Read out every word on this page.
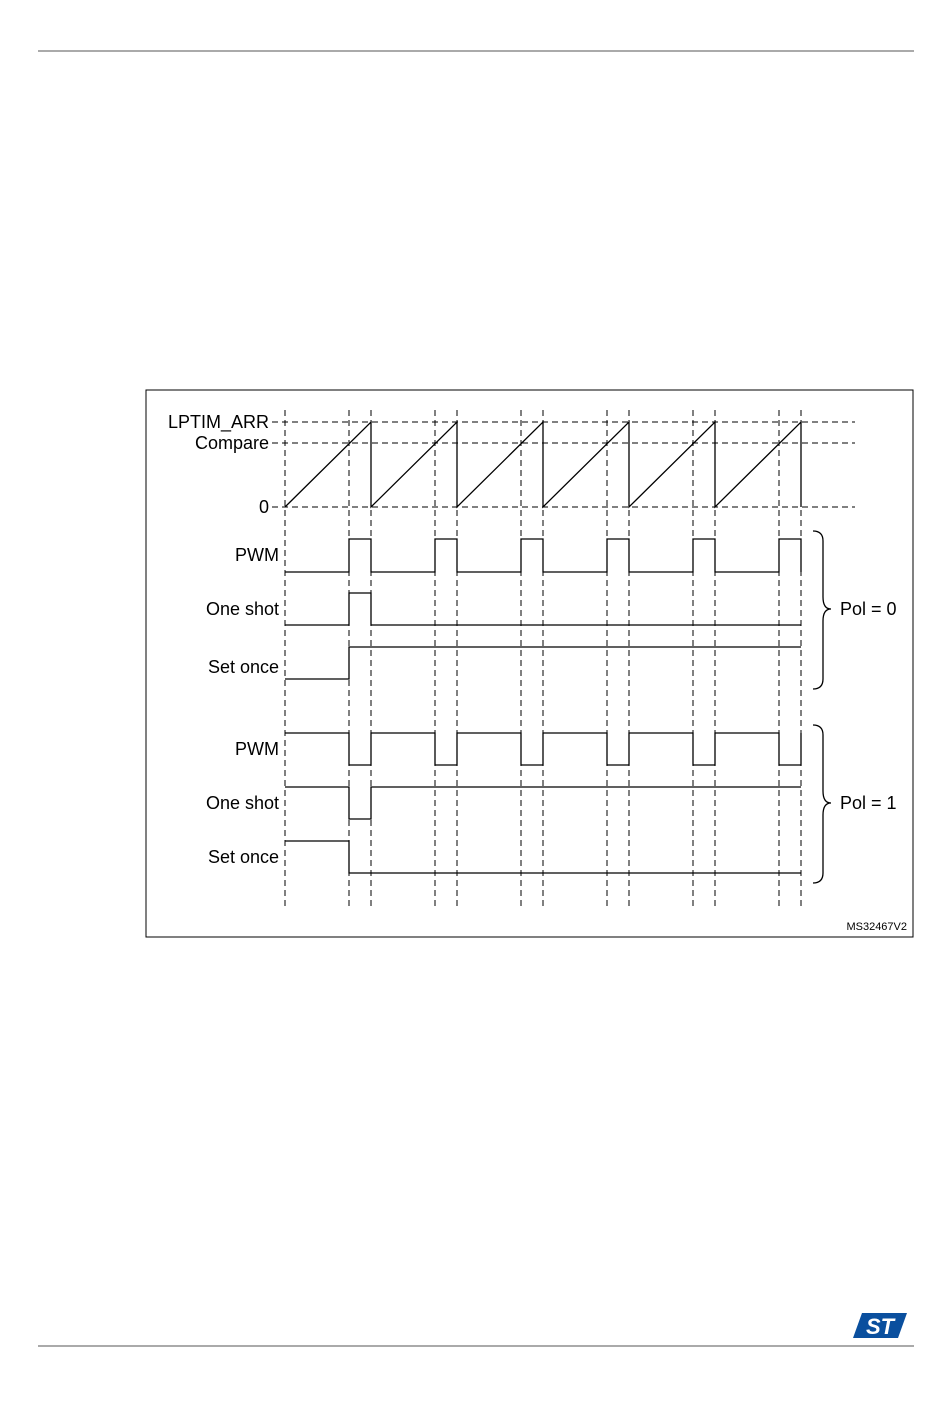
LPTIM_ARR
Compare
0
PWM
One shot
Set once
PWM
One shot
Set once
Pol = 0
Pol = 1
MS32467V2
ST
